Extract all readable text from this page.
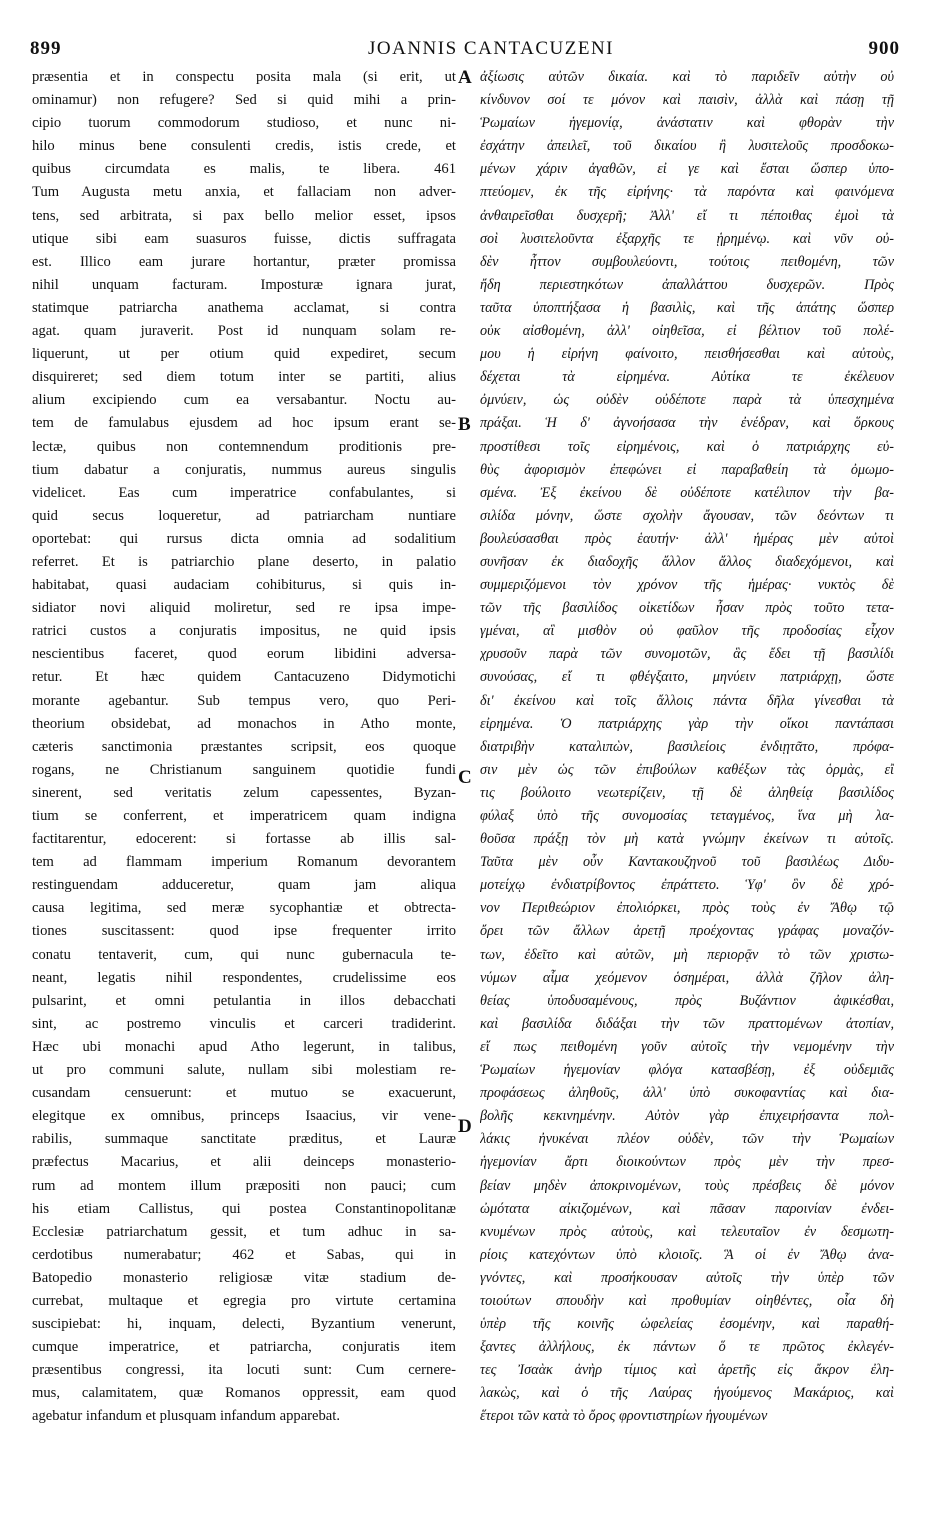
899	JOANNIS CANTACUZENI	900
præsentia et in conspectu posita mala (si erit, ut
ominamur) non refugere? Sed si quid mihi a prin-
cipio tuorum commodorum studioso, et nunc ni-
hilo minus bene consulenti credis, istis crede, et
quibus circumdata es malis, te libera. 461
Tum Augusta metu anxia, et fallaciam non adver-
tens, sed arbitrata, si pax bello melior esset, ipsos
utique sibi eam suasuros fuisse, dictis suffragata
est. Illico eam jurare hortantur, præter promissa
nihil unquam facturam. Imposturæ ignara jurat,
statimque patriarcha anathema acclamat, si contra
agat. quam juraverit. Post id nunquam solam re-
liquerunt, ut per otium quid expediret, secum
disquireret; sed diem totum inter se partiti, alius
alium excipiendo cum ea versabantur. Noctu au-
tem de famulabus ejusdem ad hoc ipsum erant se-
lectæ, quibus non contemnendum proditionis pre-
tium dabatur a conjuratis, nummus aureus singulis
videlicet. Eas cum imperatrice confabulantes, si
quid secus loqueretur, ad patriarcham nuntiare
oportebat: qui rursus dicta omnia ad sodalitium
referret. Et is patriarchio plane deserto, in palatio
habitabat, quasi audaciam cohibiturus, si quis in-
sidiator novi aliquid moliretur, sed re ipsa impe-
ratrici custos a conjuratis impositus, ne quid ipsis
nescientibus faceret, quod eorum libidini adversa-
retur. Et hæc quidem Cantacuzeno Didymotichi
morante agebantur. Sub tempus vero, quo Peri-
theorium obsidebat, ad monachos in Atho monte,
cæteris sanctimonia præstantes scripsit, eos quoque
rogans, ne Christianum sanguinem quotidie fundi
sinerent, sed veritatis zelum capessentes, Byzan-
tium se conferrent, et imperatricem quam indigna
factitarentur, edocerent: si fortasse ab illis sal-
tem ad flammam imperium Romanum devorantem
restinguendam adduceretur, quam jam aliqua
causa legitima, sed meræ sycophantiæ et obtrecta-
tiones suscitassent: quod ipse frequenter irrito
conatu tentaverit, cum, qui nunc gubernacula te-
neant, legatis nihil respondentes, crudelissime eos
pulsarint, et omni petulantia in illos debacchati
sint, ac postremo vinculis et carceri tradiderint.
Hæc ubi monachi apud Atho legerunt, in talibus,
ut pro communi salute, nullam sibi molestiam re-
cusandam censuerunt: et mutuo se exacuerunt,
elegitque ex omnibus, princeps Isaacius, vir vene-
rabilis, summaque sanctitate præditus, et Lauræ
præfectus Macarius, et alii deinceps monasterio-
rum ad montem illum præpositi non pauci; cum
his etiam Callistus, qui postea Constantinopolitanæ
Ecclesiæ patriarchatum gessit, et tum adhuc in sa-
cerdotibus numerabatur; 462 et Sabas, qui in
Batopedio monasterio religiosæ vitæ stadium de-
currebat, multaque et egregia pro virtute certamina
suscipiebat: hi, inquam, delecti, Byzantium venerunt,
cumque imperatrice, et patriarcha, conjuratis item
præsentibus congressi, ita locuti sunt: Cum cernere-
mus, calamitatem, quæ Romanos oppressit, eam quod
agebatur infandum et plusquam infandum apparebat.
ἀξίωσις αὐτῶν δικαία. καὶ τὸ παριδεῖν αὐτὴν οὐ
κίνδυνον σοί τε μόνον καὶ παισὶν, ἀλλὰ καὶ πάσῃ τῇ
Ῥωμαίων ἡγεμονίᾳ, ἀνάστατιν καὶ φθορὰν τὴν
ἐσχάτην ἀπειλεῖ, τοῦ δικαίου ἢ λυσιτελοῦς προσδοκω-
μένων χάριν ἀγαθῶν, εἰ γε καὶ ἔσται ὥσπερ ὑπο-
πτεύομεν, ἐκ τῆς εἰρήνης· τὰ παρόντα καὶ φαινόμενα
ἀνθαιρεῖσθαι δυσχερῆ; Ἀλλ' εἴ τι πέποιθας ἐμοὶ τὰ
σοὶ λυσιτελοῦντα ἐξαρχῆς τε ᾑρημένῳ. καὶ νῦν οὐ-
δὲν ἧττον συμβουλεύοντι, τούτοις πειθομένη, τῶν
ἤδη περιεστηκότων ἀπαλλάττου δυσχερῶν. Πρὸς
ταῦτα ὑποπτήξασα ἡ βασιλὶς, καὶ τῆς ἀπάτης ὥσπερ
οὐκ αἰσθομένη, ἀλλ' οἰηθεῖσα, εἰ βέλτιον τοῦ πολέ-
μου ἡ εἰρήνη φαίνοιτο, πεισθήσεσθαι καὶ αὐτοὺς,
δέχεται τὰ εἰρημένα. Αὐτίκα τε ἐκέλευον
ὀμνύειν, ὡς οὐδὲν οὐδέποτε παρὰ τὰ ὑπεσχημένα
πράξαι. Ἡ δ' ἀγνοήσασα τὴν ἐνέδραν, καὶ ὅρκους
προστίθεσι τοῖς εἰρημένοις, καὶ ὁ πατριάρχης εὐ-
θὺς ἀφορισμὸν ἐπεφώνει εἰ παραβαθείη τὰ ὀμωμο-
σμένα. Ἐξ ἐκείνου δὲ οὐδέποτε κατέλιπον τὴν βα-
σιλίδα μόνην, ὥστε σχολὴν ἄγουσαν, τῶν δεόντων τι
βουλεύσασθαι πρὸς ἑαυτήν· ἀλλ' ἡμέρας μὲν αὐτοὶ
συνῆσαν ἐκ διαδοχῆς ἄλλον ἄλλος διαδεχόμενοι, καὶ
συμμεριζόμενοι τὸν χρόνον τῆς ἡμέρας· νυκτὸς δὲ
τῶν τῆς βασιλίδος οἰκετίδων ἦσαν πρὸς τοῦτο τετα-
γμέναι, αἳ μισθὸν οὐ φαῦλον τῆς προδοσίας εἶχον
χρυσοῦν παρὰ τῶν συνομοτῶν, ἃς ἔδει τῇ βασιλίδι
συνούσας, εἴ τι φθέγξαιτο, μηνύειν πατριάρχῃ, ὥστε
δι' ἐκείνου καὶ τοῖς ἄλλοις πάντα δῆλα γίνεσθαι τὰ
εἰρημένα. Ὁ πατριάρχης γὰρ τὴν οἴκοι παντάπασι
διατριβὴν καταλιπὼν, βασιλείοις ἐνδιῃτᾶτο, πρόφα-
σιν μὲν ὡς τῶν ἐπιβούλων καθέξων τὰς ὁρμὰς, εἴ
τις βούλοιτο νεωτερίζειν, τῇ δὲ ἀληθείᾳ βασιλίδος
φύλαξ ὑπὸ τῆς συνομοσίας τεταγμένος, ἵνα μὴ λα-
θοῦσα πράξῃ τὸν μὴ κατὰ γνώμην ἐκείνων τι αὐτοῖς.
Ταῦτα μὲν οὖν Καντακουζηνοῦ τοῦ βασιλέως Διδυ-
μοτείχῳ ἐνδιατρίβοντος ἐπράττετο. Ὑφ' ὃν δὲ χρό-
νον Περιθεώριον ἐπολιόρκει, πρὸς τοὺς ἐν Ἄθῳ τῷ
ὄρει τῶν ἄλλων ἀρετῇ προέχοντας γράφας μοναζόν-
των, ἐδεῖτο καὶ αὐτῶν, μὴ περιορᾷν τὸ τῶν χριστω-
νύμων αἷμα χεόμενον ὁσημέραι, ἀλλὰ ζῆλον ἀλη-
θείας ὑποδυσαμένους, πρὸς Βυζάντιον ἀφικέσθαι,
καὶ βασιλίδα διδάξαι τὴν τῶν πραττομένων ἀτοπίαν,
εἴ πως πειθομένη γοῦν αὐτοῖς τὴν νεμομένην τὴν
Ῥωμαίων ἡγεμονίαν φλόγα κατασβέσῃ, ἐξ οὐδεμιᾶς
προφάσεως ἀληθοῦς, ἀλλ' ὑπὸ συκοφαντίας καὶ δια-
βολῆς κεκινημένην. Αὐτὸν γὰρ ἐπιχειρήσαντα πολ-
λάκις ἠνυκέναι πλέον οὐδὲν, τῶν τὴν Ῥωμαίων
ἡγεμονίαν ἄρτι διοικούντων πρὸς μὲν τὴν πρεσ-
βείαν μηδὲν ἀποκρινομένων, τοὺς πρέσβεις δὲ μόνον
ὠμότατα αἰκιζομένων, καὶ πᾶσαν παροινίαν ἐνδει-
κνυμένων πρὸς αὐτοὺς, καὶ τελευταῖον ἐν δεσμωτη-
ρίοις κατεχόντων ὑπὸ κλοιοῖς. Ἃ οἱ ἐν Ἄθῳ ἀνα-
γνόντες, καὶ προσήκουσαν αὐτοῖς τὴν ὑπὲρ τῶν
τοιούτων σπουδὴν καὶ προθυμίαν οἰηθέντες, οἷα δὴ
ὑπὲρ τῆς κοινῆς ὠφελείας ἐσομένην, καὶ παραθή-
ξαντες ἀλλήλους, ἐκ πάντων ὅ τε πρῶτος ἐκλεγέν-
τες Ἰσαὰκ ἀνὴρ τίμιος καὶ ἀρετῆς εἰς ἄκρον ἐλη-
λακὼς, καὶ ὁ τῆς Λαύρας ἡγούμενος Μακάριος, καὶ
ἕτεροι τῶν κατὰ τὸ ὄρος φροντιστηρίων ἡγουμένων
A
B
C
D
